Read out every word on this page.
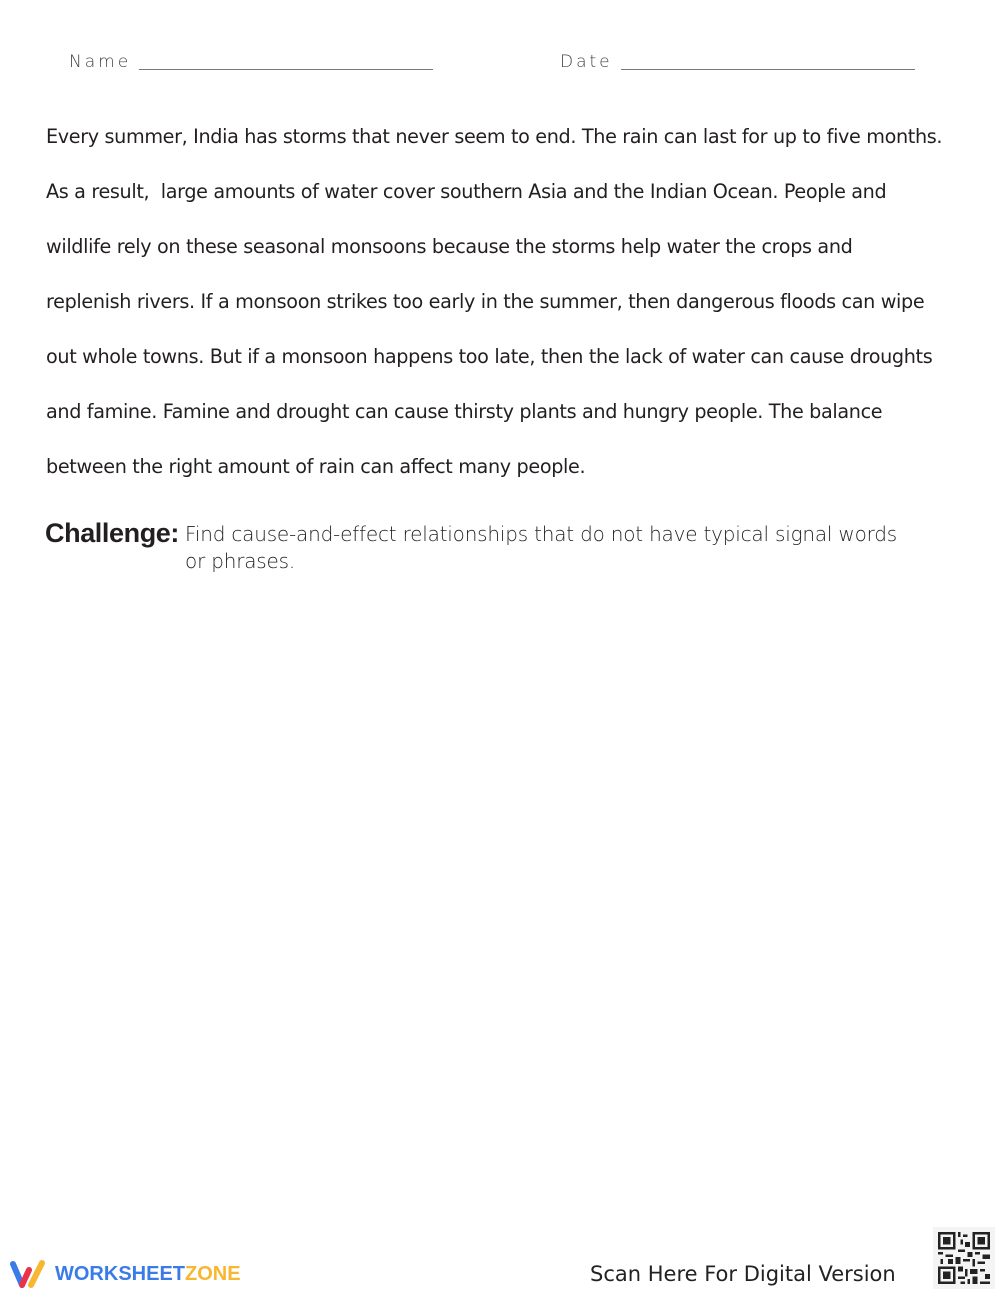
Name	Date
Every summer, India has storms that never seem to end. The rain can last for up to five months.
As a result,  large amounts of water cover southern Asia and the Indian Ocean. People and
wildlife rely on these seasonal monsoons because the storms help water the crops and
replenish rivers. If a monsoon strikes too early in the summer, then dangerous floods can wipe
out whole towns. But if a monsoon happens too late, then the lack of water can cause droughts
and famine. Famine and drought can cause thirsty plants and hungry people. The balance
between the right amount of rain can affect many people.
Challenge: Find cause-and-effect relationships that do not have typical signal words or phrases.
WORKSHEETZONE	Scan Here For Digital Version
